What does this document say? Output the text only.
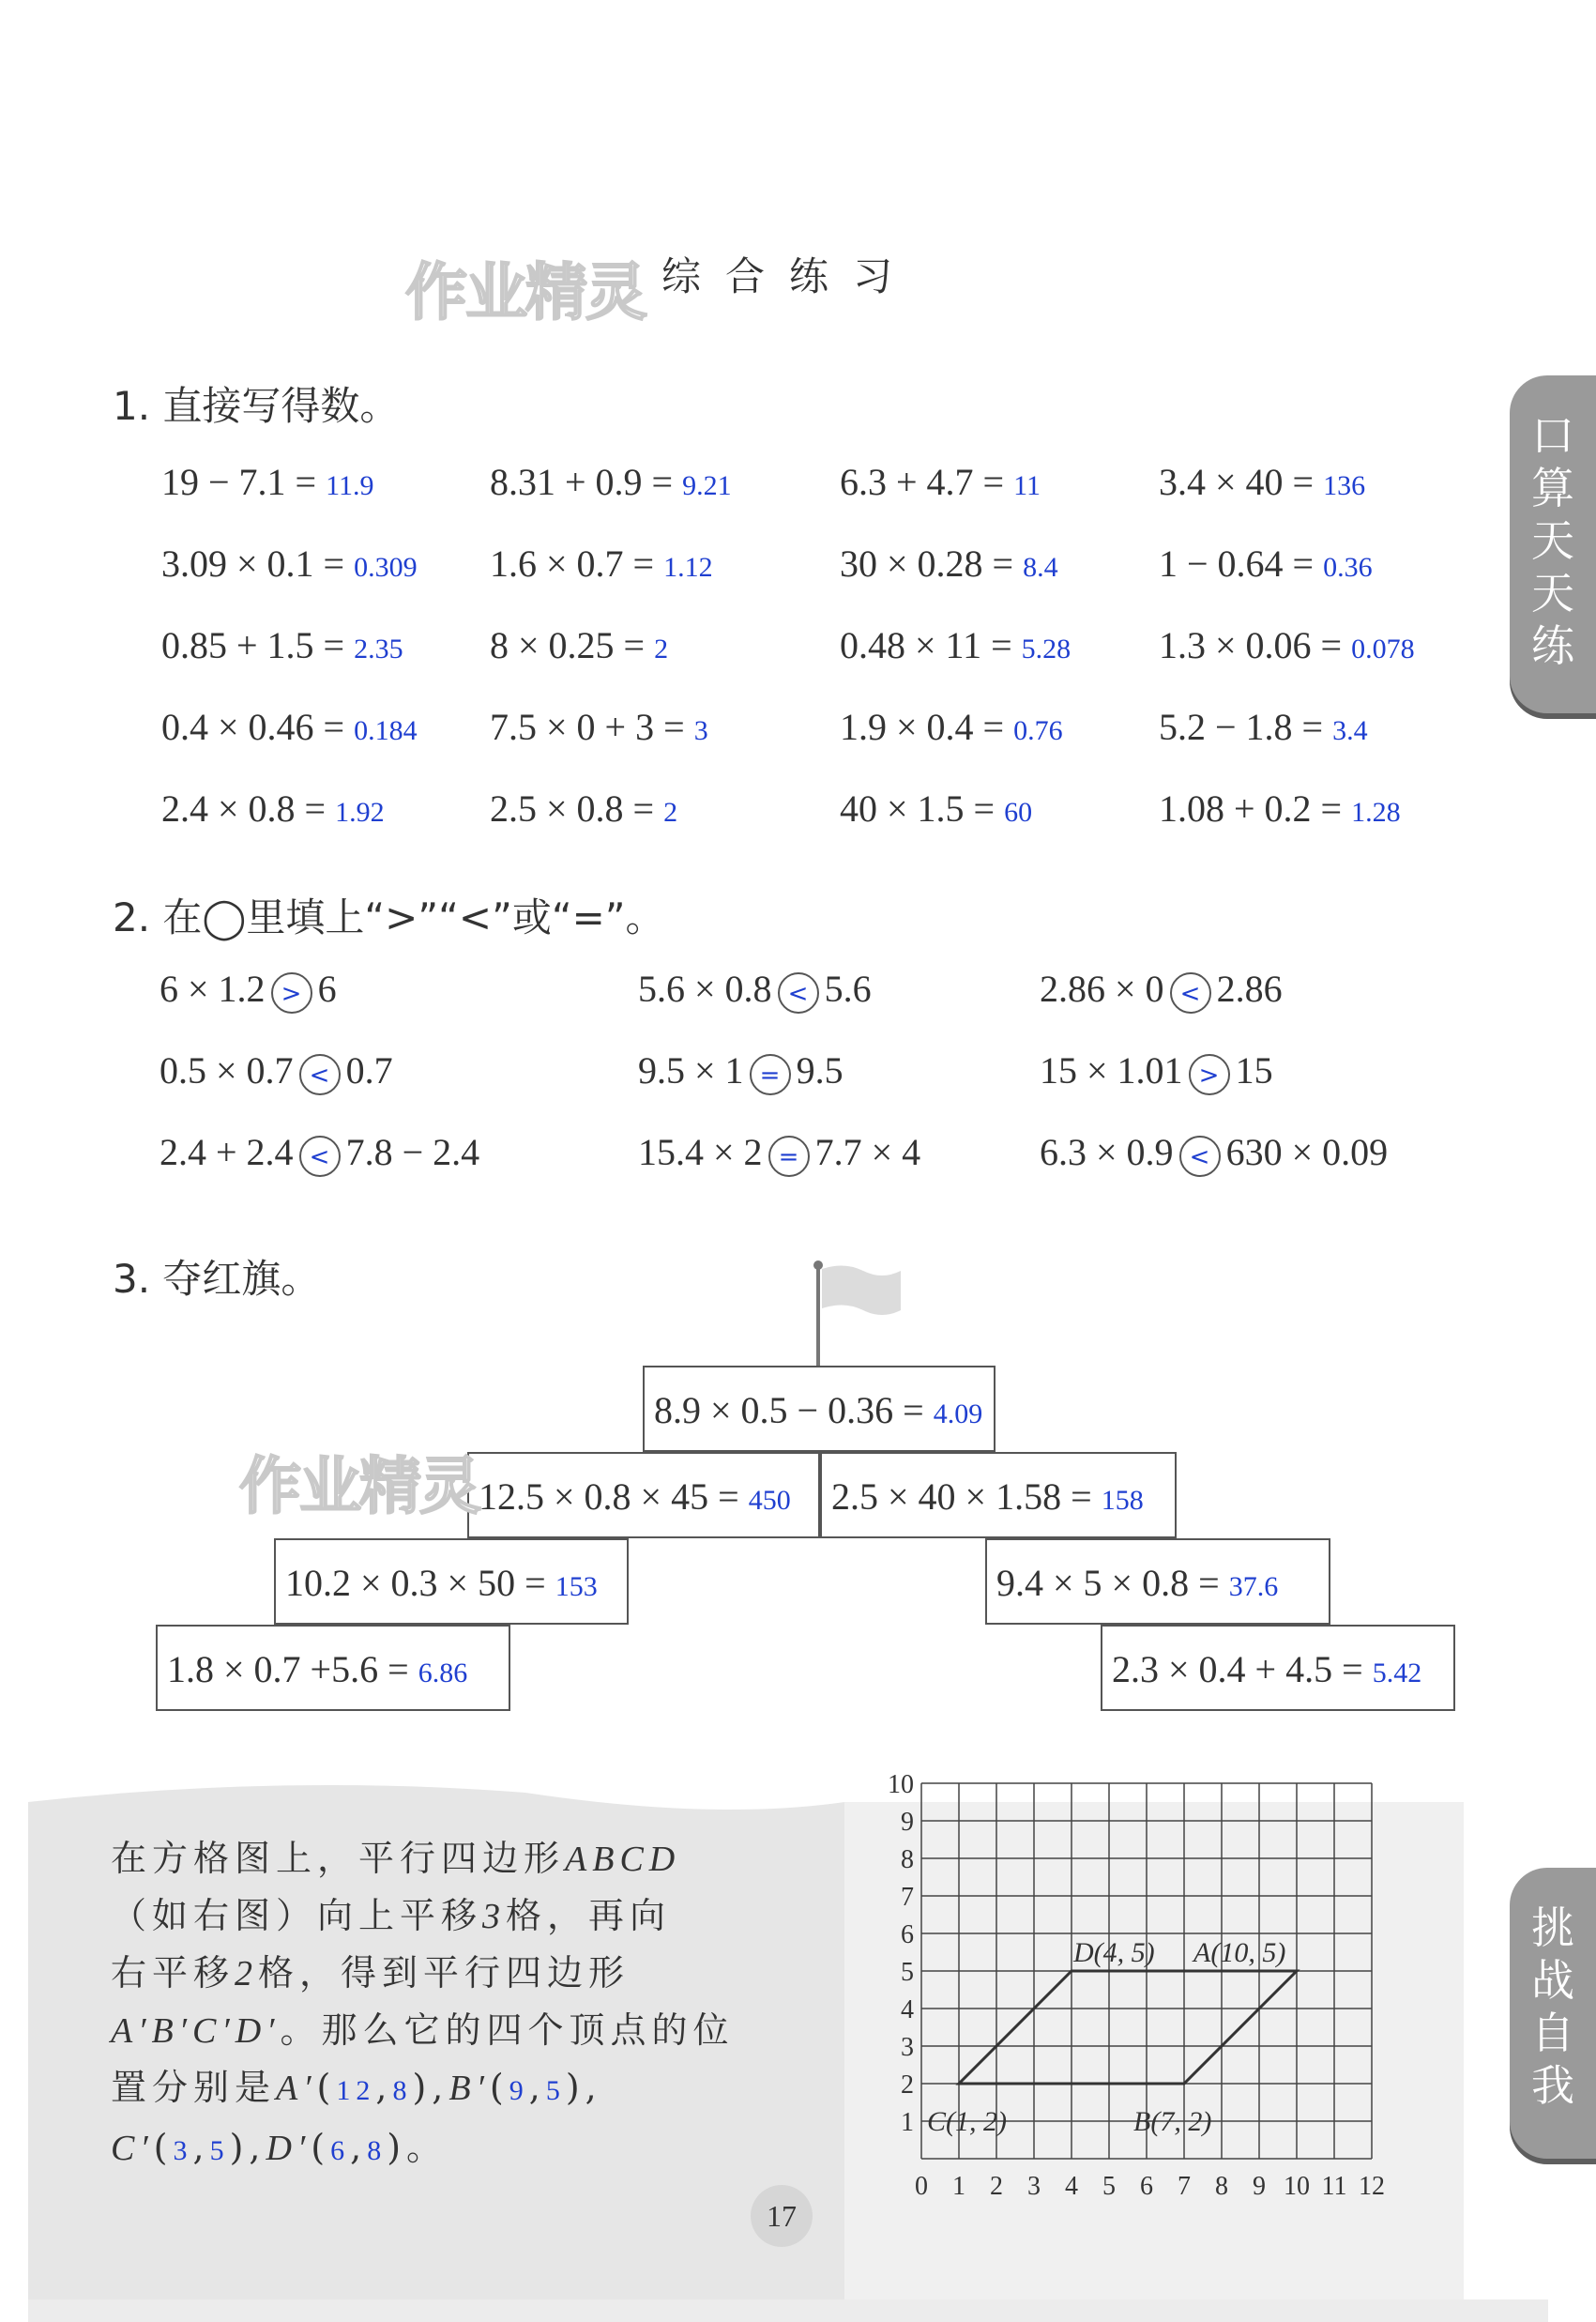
作业精灵 综合练习
口算天天练
挑战自我
1. 直接写得数。
19 − 7.1 = 11.9	8.31 + 0.9 = 9.21	6.3 + 4.7 = 11	3.4 × 40 = 136
3.09 × 0.1 = 0.309 1.6 × 0.7 = 1.12	30 × 0.28 = 8.4	1 − 0.64 = 0.36
0.85 + 1.5 = 2.35 8 × 0.25 = 2	0.48 × 11 = 5.28 1.3 × 0.06 = 0.078
0.4 × 0.46 = 0.184 7.5 × 0 + 3 = 3	1.9 × 0.4 = 0.76	5.2 − 1.8 = 3.4
2.4 × 0.8 = 1.92	2.5 × 0.8 = 2	40 × 1.5 = 60	1.08 + 0.2 = 1.28
2. 在◯里填上“>”“<”或“=”。
6 × 1.2 > 6	5.6 × 0.8 < 5.6	2.86 × 0 < 2.86
0.5 × 0.7 < 0.7	9.5 × 1 = 9.5	15 × 1.01 > 15
2.4 + 2.4 < 7.8 − 2.4	15.4 × 2 = 7.7 × 4	6.3 × 0.9 < 630 × 0.09
3. 夺红旗。
8.9 × 0.5 − 0.36 = 4.09
12.5 × 0.8 × 45 = 450	2.5 × 40 × 1.58 = 158
10.2 × 0.3 × 50 = 153	9.4 × 5 × 0.8 = 37.6
1.8 × 0.7 +5.6 = 6.86	2.3 × 0.4 + 4.5 = 5.42
作业精灵
在方格图上，平行四边形ABCD
（如右图）向上平移3格，再向
右平移2格，得到平行四边形
A′B′C′D′。那么它的四个顶点的位
置分别是A′(12,8),B′(9,5),
C′(3,5),D′(6,8)。
0 1 2 3 4 5 6 7 8 9 10 11 12
1
2
3
4
5
6
7
8
9
10
D(4, 5) A(10, 5)
C(1, 2)	B(7, 2)
17
